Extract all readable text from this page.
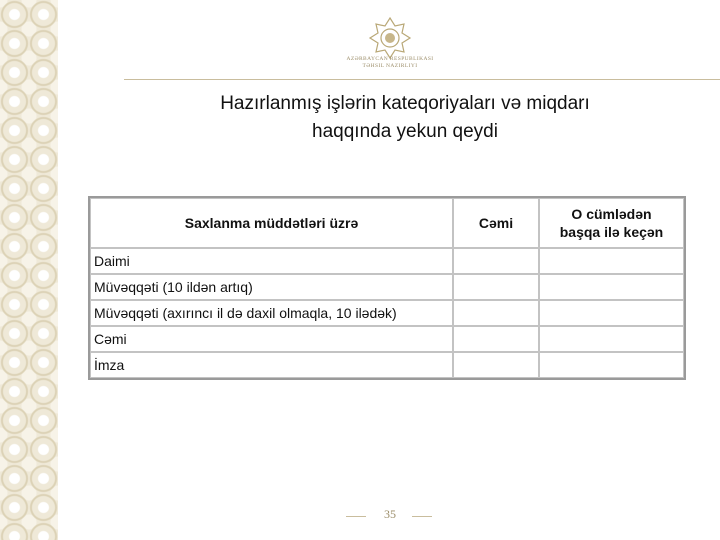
AZƏRBAYCAN RESPUBLIKASI
TƏHSIL NAZIRLIYI
Hazırlanmış işlərin kateqoriyaları və miqdarı
haqqında yekun qeydi
Saxlanma müddətləri üzrə	Cəmi	O cümlədən
başqa ilə keçən

Daimi		
Müvəqqəti (10 ildən artıq)		
Müvəqqəti (axırıncı il də daxil olmaqla, 10 ilədək)		
Cəmi		
İmza		
35
